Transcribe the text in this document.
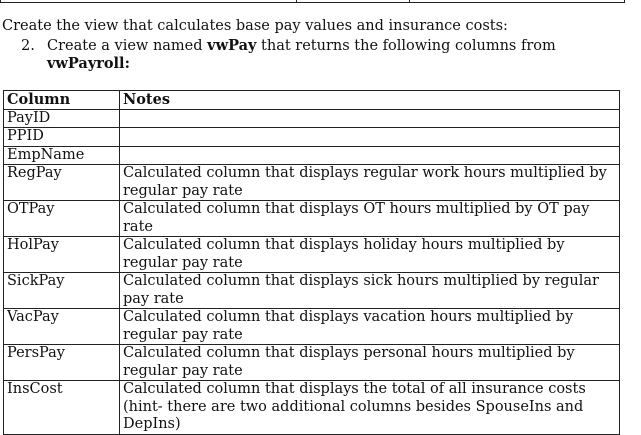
Create the view that calculates base pay values and insurance costs:
2. Create a view named vwPay that returns the following columns from
vwPayroll:
Column	Notes
PayID	
PPID	
EmpName	
RegPay	Calculated column that displays regular work hours multiplied by regular pay rate
OTPay	Calculated column that displays OT hours multiplied by OT pay rate
HolPay	Calculated column that displays holiday hours multiplied by regular pay rate
SickPay	Calculated column that displays sick hours multiplied by regular pay rate
VacPay	Calculated column that displays vacation hours multiplied by regular pay rate
PersPay	Calculated column that displays personal hours multiplied by regular pay rate
InsCost	Calculated column that displays the total of all insurance costs (hint- there are two additional columns besides SpouseIns and DepIns)
